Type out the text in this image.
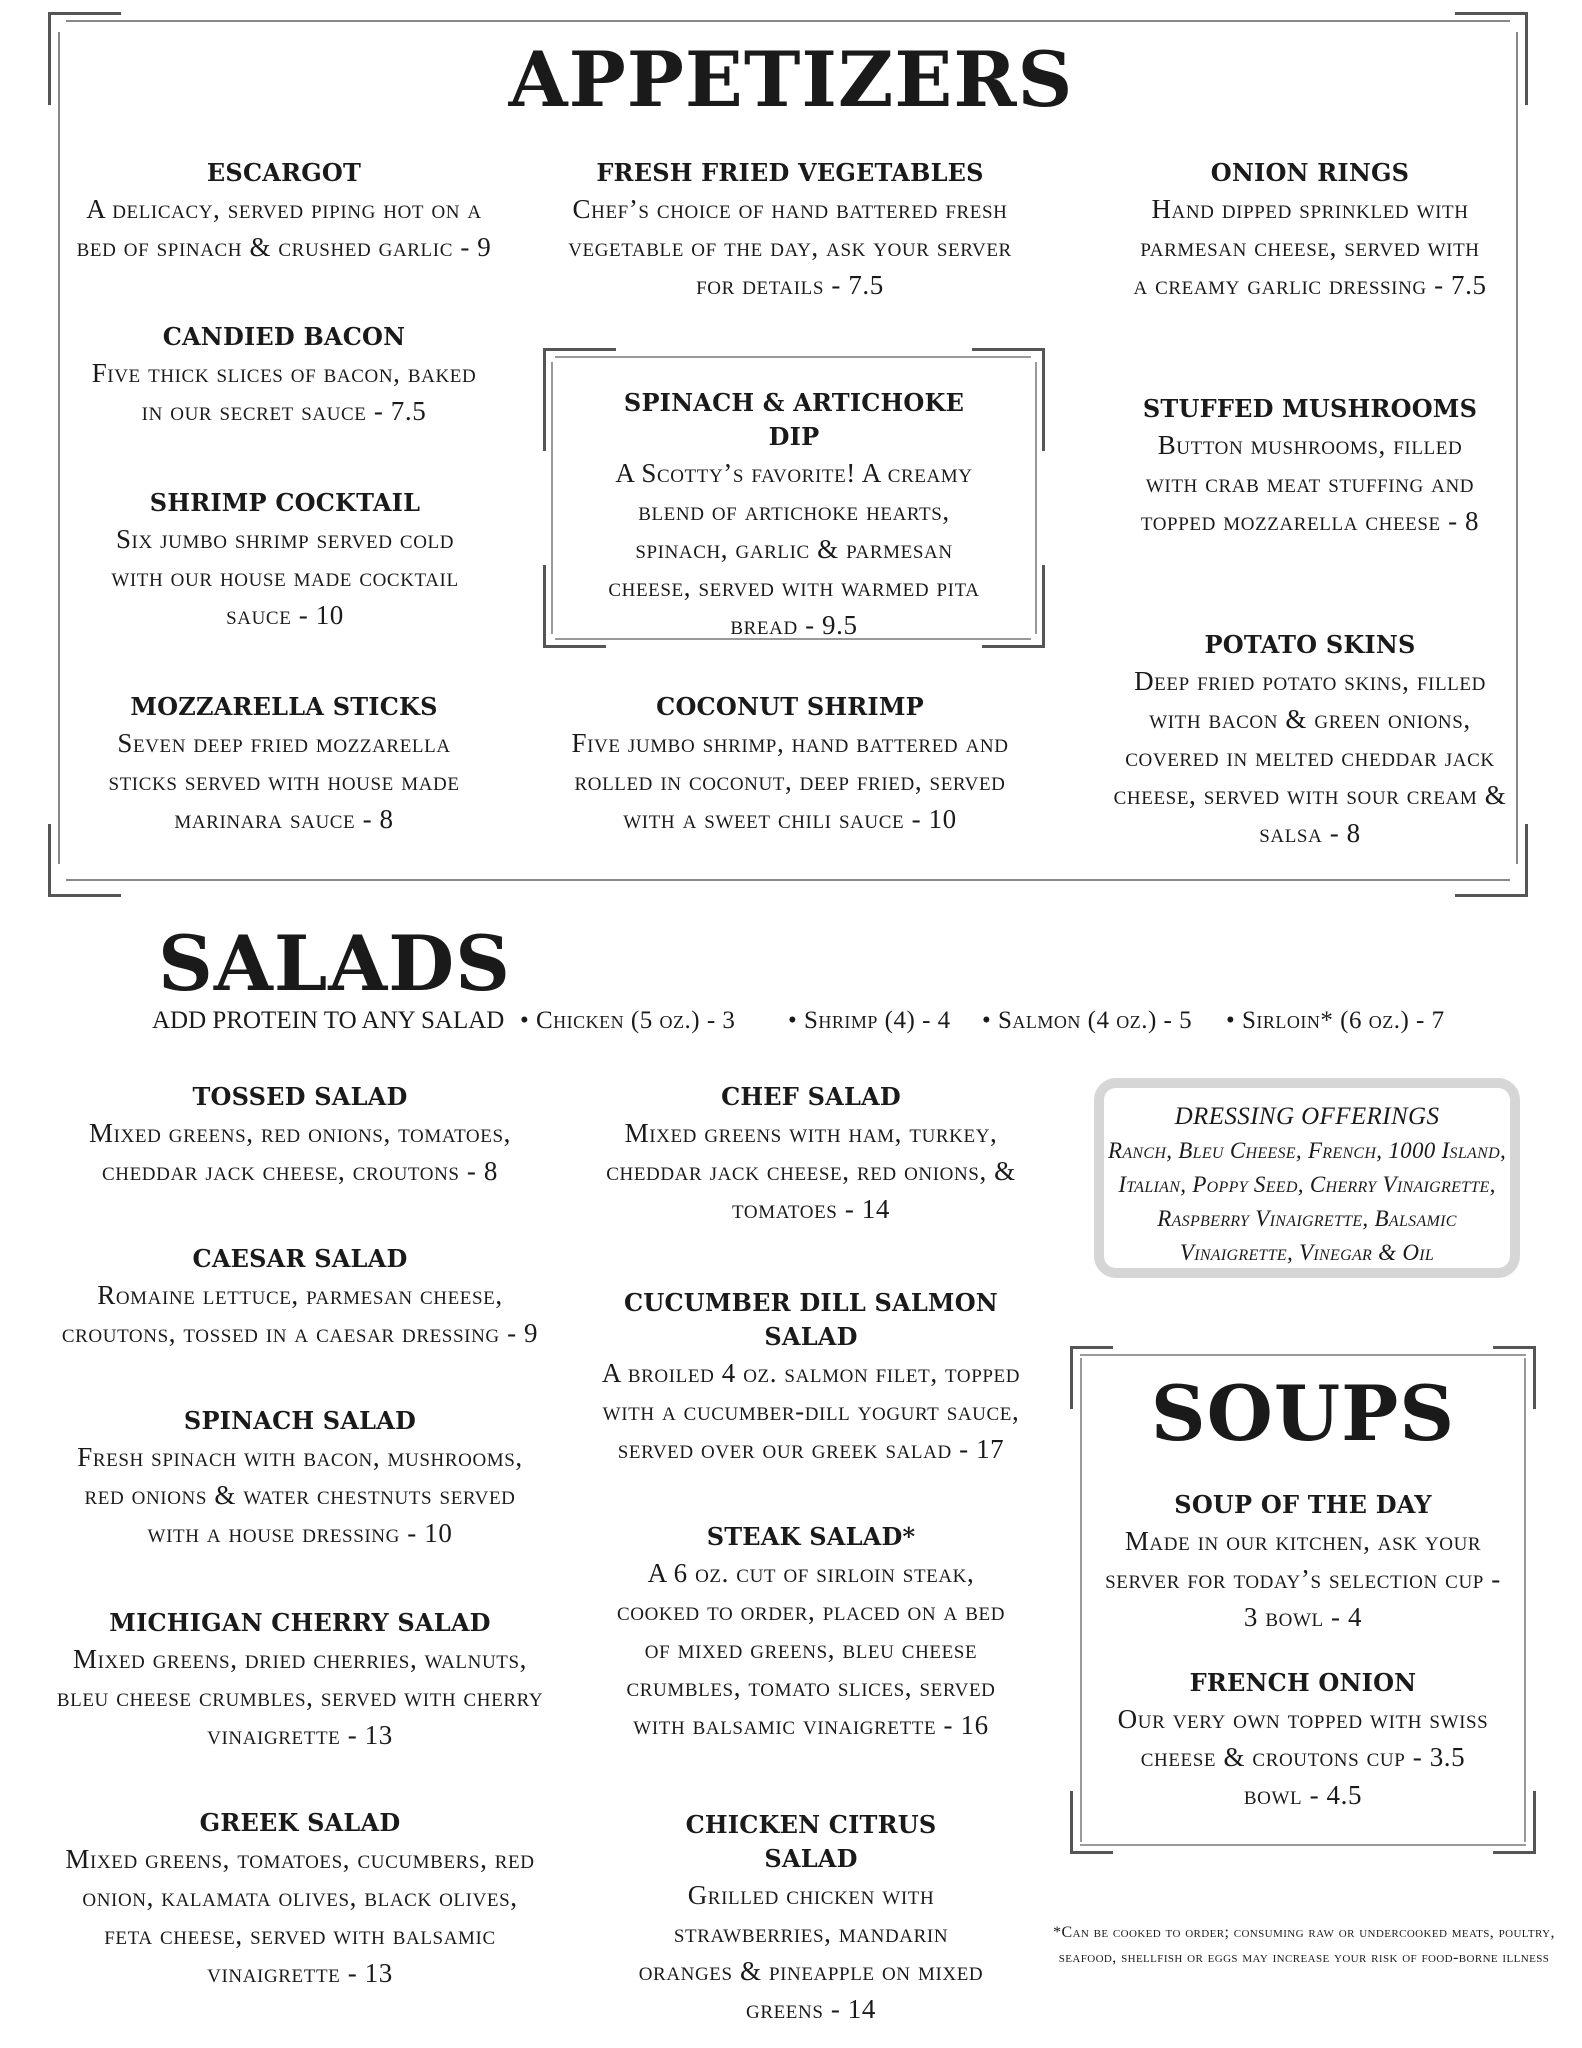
APPETIZERS
ESCARGOT
A delicacy, served piping hot on a bed of spinach & crushed garlic - 9
CANDIED BACON
Five thick slices of bacon, baked in our secret sauce - 7.5
SHRIMP COCKTAIL
Six jumbo shrimp served cold with our house made cocktail sauce - 10
MOZZARELLA STICKS
Seven deep fried mozzarella sticks served with house made marinara sauce - 8
FRESH FRIED VEGETABLES
Chef’s choice of hand battered fresh vegetable of the day, ask your server for details - 7.5
SPINACH & ARTICHOKE DIP
A Scotty’s favorite! A creamy blend of artichoke hearts, spinach, garlic & parmesan cheese, served with warmed pita bread - 9.5
COCONUT SHRIMP
Five jumbo shrimp, hand battered and rolled in coconut, deep fried, served with a sweet chili sauce - 10
ONION RINGS
Hand dipped sprinkled with parmesan cheese, served with a creamy garlic dressing - 7.5
STUFFED MUSHROOMS
Button mushrooms, filled with crab meat stuffing and topped mozzarella cheese - 8
POTATO SKINS
Deep fried potato skins, filled with bacon & green onions, covered in melted cheddar jack cheese, served with sour cream & salsa - 8
SALADS
ADD PROTEIN TO ANY SALAD • Chicken (5 oz.) - 3 • Shrimp (4) - 4 • Salmon (4 oz.) - 5 • Sirloin* (6 oz.) - 7
TOSSED SALAD
Mixed greens, red onions, tomatoes, cheddar jack cheese, croutons - 8
CAESAR SALAD
Romaine lettuce, parmesan cheese, croutons, tossed in a caesar dressing - 9
SPINACH SALAD
Fresh spinach with bacon, mushrooms, red onions & water chestnuts served with a house dressing - 10
MICHIGAN CHERRY SALAD
Mixed greens, dried cherries, walnuts, bleu cheese crumbles, served with cherry vinaigrette - 13
GREEK SALAD
Mixed greens, tomatoes, cucumbers, red onion, kalamata olives, black olives, feta cheese, served with balsamic vinaigrette - 13
CHEF SALAD
Mixed greens with ham, turkey, cheddar jack cheese, red onions, & tomatoes - 14
CUCUMBER DILL SALMON SALAD
A broiled 4 oz. salmon filet, topped with a cucumber-dill yogurt sauce, served over our greek salad - 17
STEAK SALAD*
A 6 oz. cut of sirloin steak, cooked to order, placed on a bed of mixed greens, bleu cheese crumbles, tomato slices, served with balsamic vinaigrette - 16
CHICKEN CITRUS SALAD
Grilled chicken with strawberries, mandarin oranges & pineapple on mixed greens - 14
DRESSING OFFERINGS
Ranch, Bleu Cheese, French, 1000 Island, Italian, Poppy Seed, Cherry Vinaigrette, Raspberry Vinaigrette, Balsamic Vinaigrette, Vinegar & Oil
SOUPS
SOUP OF THE DAY
Made in our kitchen, ask your server for today’s selection cup - 3 bowl - 4
FRENCH ONION
Our very own topped with swiss cheese & croutons cup - 3.5 bowl - 4.5
*Can be cooked to order; consuming raw or undercooked meats, poultry, seafood, shellfish or eggs may increase your risk of food-borne illness
